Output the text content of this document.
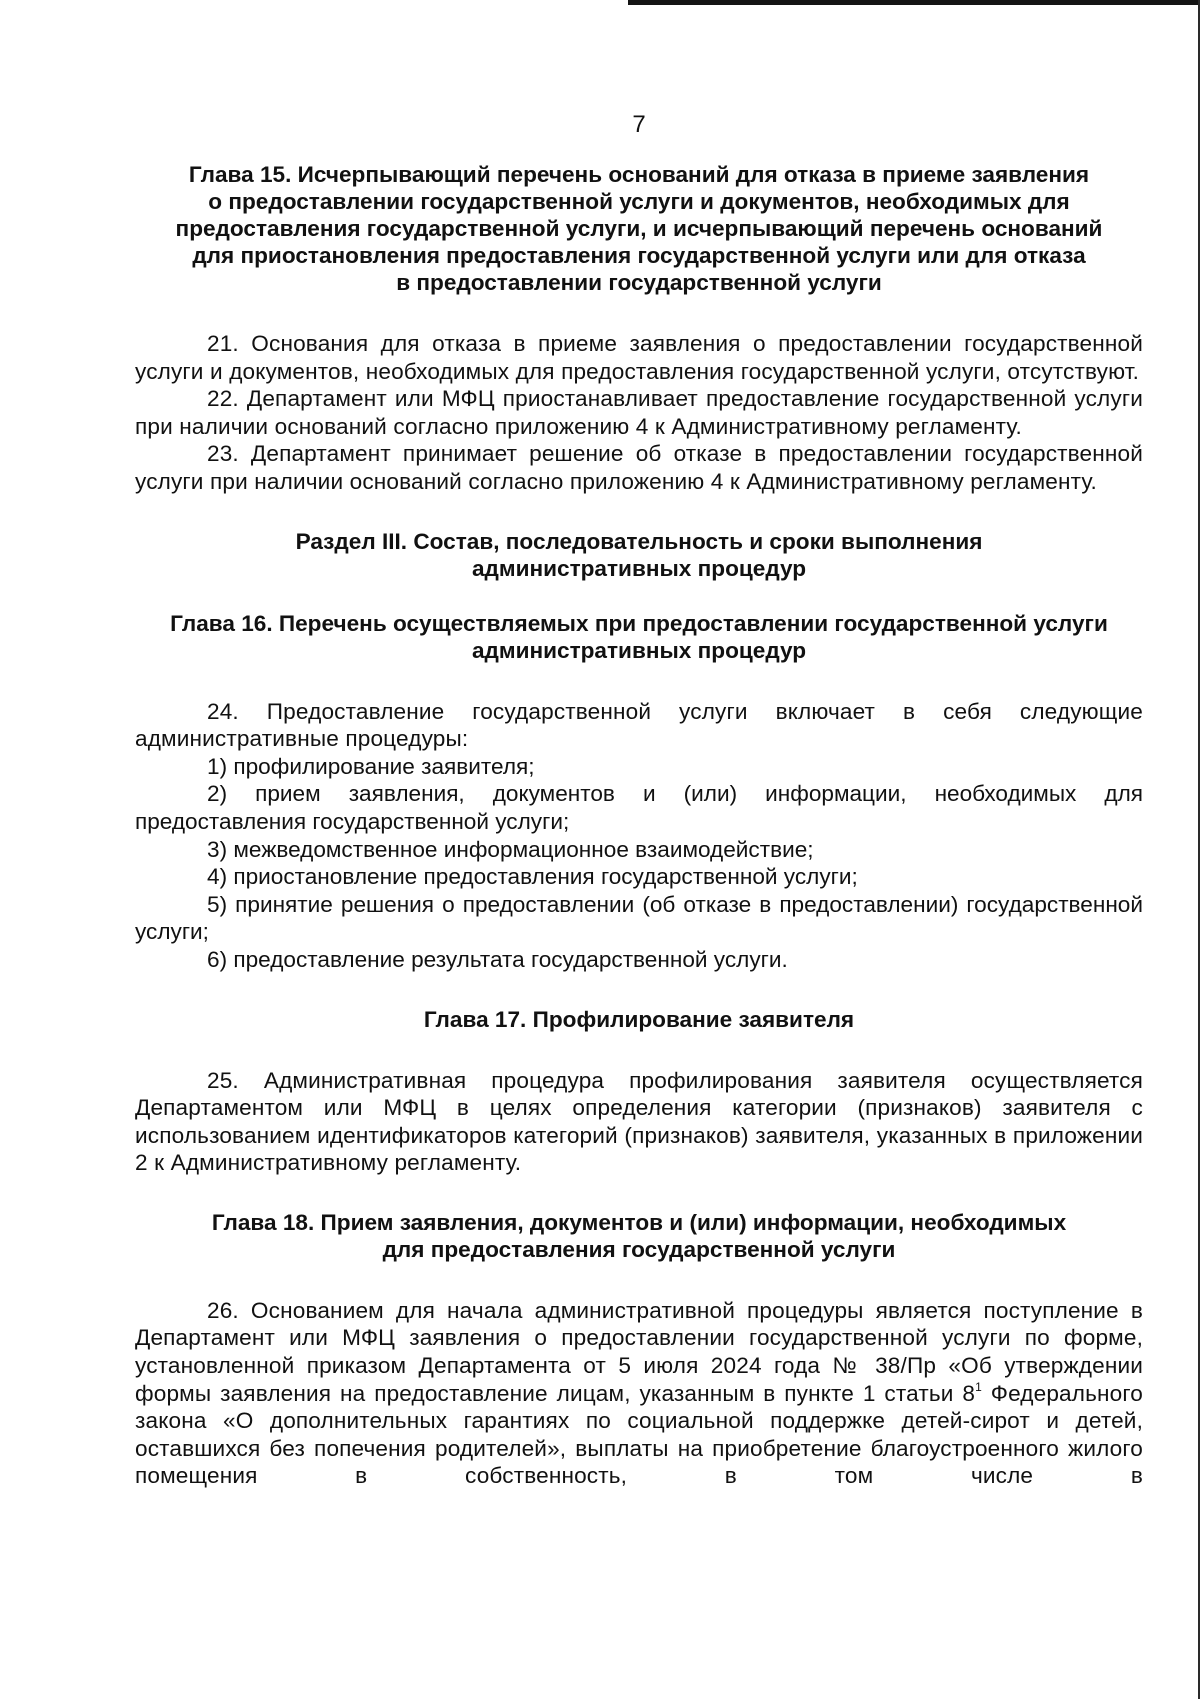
7
Глава 15. Исчерпывающий перечень оснований для отказа в приеме заявления
о предоставлении государственной услуги и документов, необходимых для
предоставления государственной услуги, и исчерпывающий перечень оснований
для приостановления предоставления государственной услуги или для отказа
в предоставлении государственной услуги

21. Основания для отказа в приеме заявления о предоставлении государственной услуги и документов, необходимых для предоставления государственной услуги, отсутствуют.

22. Департамент или МФЦ приостанавливает предоставление государственной услуги при наличии оснований согласно приложению 4 к Административному регламенту.

23. Департамент принимает решение об отказе в предоставлении государственной услуги при наличии оснований согласно приложению 4 к Административному регламенту.

Раздел III. Состав, последовательность и сроки выполнения
административных процедур
Глава 16. Перечень осуществляемых при предоставлении государственной услуги
административных процедур

24. Предоставление государственной услуги включает в себя следующие административные процедуры:

1) профилирование заявителя;

2) прием заявления, документов и (или) информации, необходимых для предоставления государственной услуги;

3) межведомственное информационное взаимодействие;

4) приостановление предоставления государственной услуги;

5) принятие решения о предоставлении (об отказе в предоставлении) государственной услуги;

6) предоставление результата государственной услуги.

Глава 17. Профилирование заявителя

25. Административная процедура профилирования заявителя осуществляется Департаментом или МФЦ в целях определения категории (признаков) заявителя с использованием идентификаторов категорий (признаков) заявителя, указанных в приложении 2 к Административному регламенту.

Глава 18. Прием заявления, документов и (или) информации, необходимых
для предоставления государственной услуги

26. Основанием для начала административной процедуры является поступление в Департамент или МФЦ заявления о предоставлении государственной услуги по форме, установленной приказом Департамента от 5 июля 2024 года № 38/Пр «Об утверждении формы заявления на предоставление лицам, указанным в пункте 1 статьи $8^1$ Федерального закона «О дополнительных гарантиях по социальной поддержке детей-сирот и детей, оставшихся без попечения родителей», выплаты на приобретение благоустроенного жилого помещения в собственность, в том числе в
